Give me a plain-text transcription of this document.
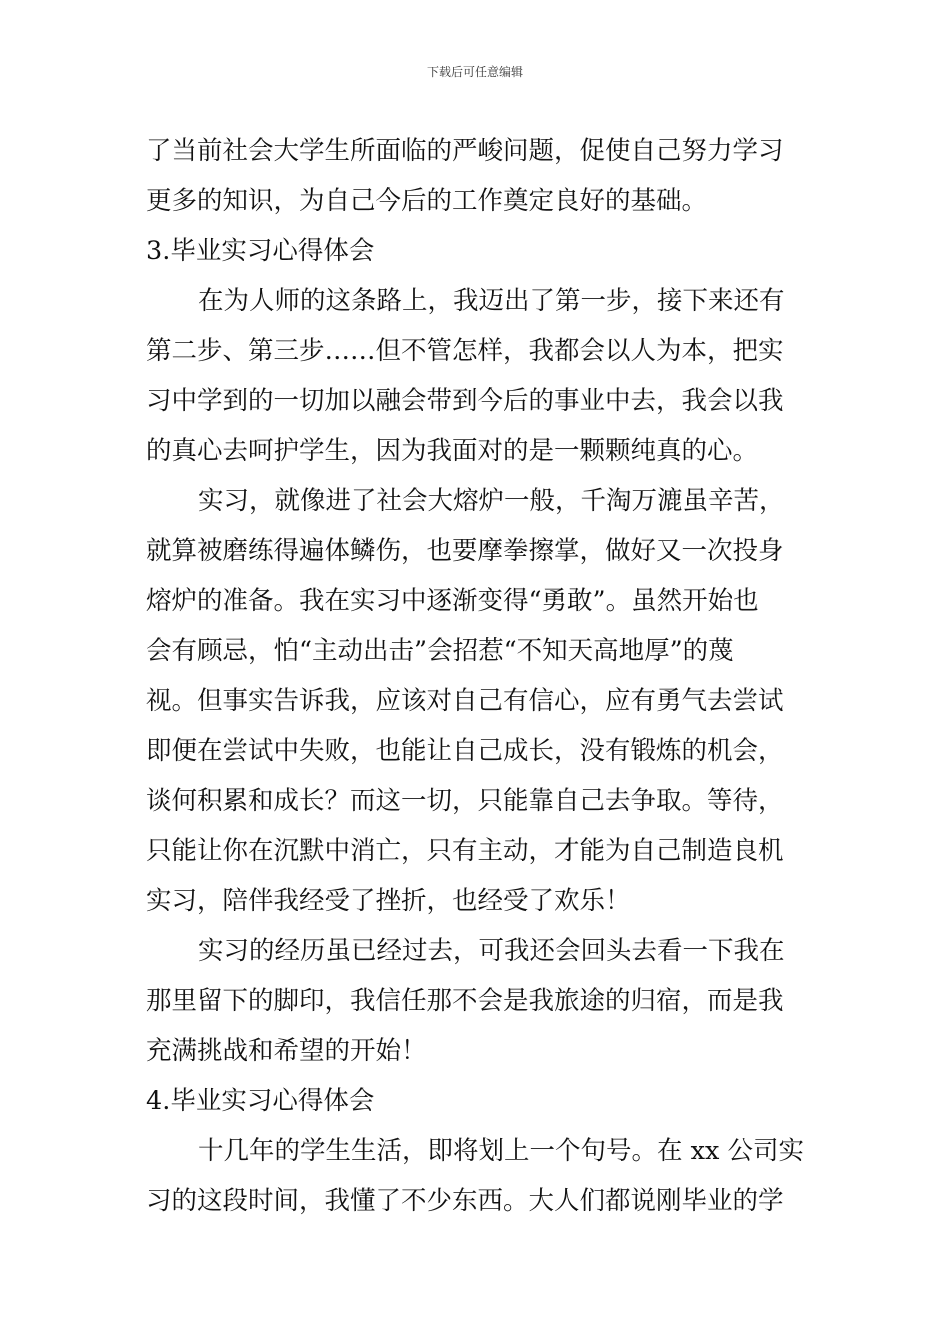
下载后可任意编辑
了当前社会大学生所面临的严峻问题，促使自己努力学习
更多的知识，为自己今后的工作奠定良好的基础。
3.毕业实习心得体会
在为人师的这条路上，我迈出了第一步，接下来还有
第二步、第三步……但不管怎样，我都会以人为本，把实
习中学到的一切加以融会带到今后的事业中去，我会以我
的真心去呵护学生，因为我面对的是一颗颗纯真的心。
实习，就像进了社会大熔炉一般，千淘万漉虽辛苦，
就算被磨练得遍体鳞伤，也要摩拳擦掌，做好又一次投身
熔炉的准备。我在实习中逐渐变得“勇敢”。虽然开始也
会有顾忌，怕“主动出击”会招惹“不知天高地厚”的蔑
视。但事实告诉我，应该对自己有信心，应有勇气去尝试
即便在尝试中失败，也能让自己成长，没有锻炼的机会，
谈何积累和成长？而这一切，只能靠自己去争取。等待，
只能让你在沉默中消亡，只有主动，才能为自己制造良机
实习，陪伴我经受了挫折，也经受了欢乐！
实习的经历虽已经过去，可我还会回头去看一下我在
那里留下的脚印，我信任那不会是我旅途的归宿，而是我
充满挑战和希望的开始！
4.毕业实习心得体会
十几年的学生生活，即将划上一个句号。在 xx 公司实
习的这段时间，我懂了不少东西。大人们都说刚毕业的学
